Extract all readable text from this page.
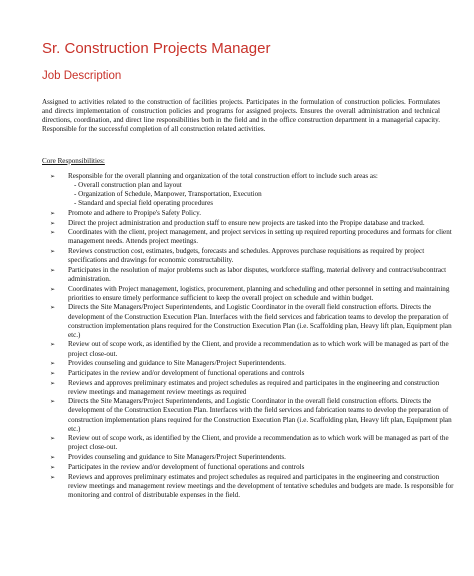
Sr. Construction Projects Manager
Job Description
Assigned to activities related to the construction of facilities projects. Participates in the formulation of construction policies. Formulates and directs implementation of construction policies and programs for assigned projects. Ensures the overall administration and technical directions, coordination, and direct line responsibilities both in the field and in the office construction department in a managerial capacity. Responsible for the successful completion of all construction related activities.
Core Responsibilities:
➢	Responsible for the overall planning and organization of the total construction effort to include such areas as:
- Overall construction plan and layout
- Organization of Schedule, Manpower, Transportation, Execution
- Standard and special field operating procedures
➢	Promote and adhere to Propipe's Safety Policy.
➢	Direct the project administration and production staff to ensure new projects are tasked into the Propipe database and tracked.
➢	Coordinates with the client, project management, and project services in setting up required reporting procedures and formats for client management needs. Attends project meetings.
➢	Reviews construction cost, estimates, budgets, forecasts and schedules. Approves purchase requisitions as required by project specifications and drawings for economic constructability.
➢	Participates in the resolution of major problems such as labor disputes, workforce staffing, material delivery and contract/subcontract administration.
➢	Coordinates with Project management, logistics, procurement, planning and scheduling and other personnel in setting and maintaining priorities to ensure timely performance sufficient to keep the overall project on schedule and within budget.
➢	Directs the Site Managers/Project Superintendents, and Logistic Coordinator in the overall field construction efforts. Directs the development of the Construction Execution Plan. Interfaces with the field services and fabrication teams to develop the preparation of construction implementation plans required for the Construction Execution Plan (i.e. Scaffolding plan, Heavy lift plan, Equipment plan etc.)
➢	Review out of scope work, as identified by the Client, and provide a recommendation as to which work will be managed as part of the project close-out.
➢	Provides counseling and guidance to Site Managers/Project Superintendents.
➢	Participates in the review and/or development of functional operations and controls
➢	Reviews and approves preliminary estimates and project schedules as required and participates in the engineering and construction review meetings and management review meetings as required
➢	Directs the Site Managers/Project Superintendents, and Logistic Coordinator in the overall field construction efforts. Directs the development of the Construction Execution Plan. Interfaces with the field services and fabrication teams to develop the preparation of construction implementation plans required for the Construction Execution Plan (i.e. Scaffolding plan, Heavy lift plan, Equipment plan etc.)
➢	Review out of scope work, as identified by the Client, and provide a recommendation as to which work will be managed as part of the project close-out.
➢	Provides counseling and guidance to Site Managers/Project Superintendents.
➢	Participates in the review and/or development of functional operations and controls
➢	Reviews and approves preliminary estimates and project schedules as required and participates in the engineering and construction review meetings and management review meetings and the development of tentative schedules and budgets are made. Is responsible for monitoring and control of distributable expenses in the field.
